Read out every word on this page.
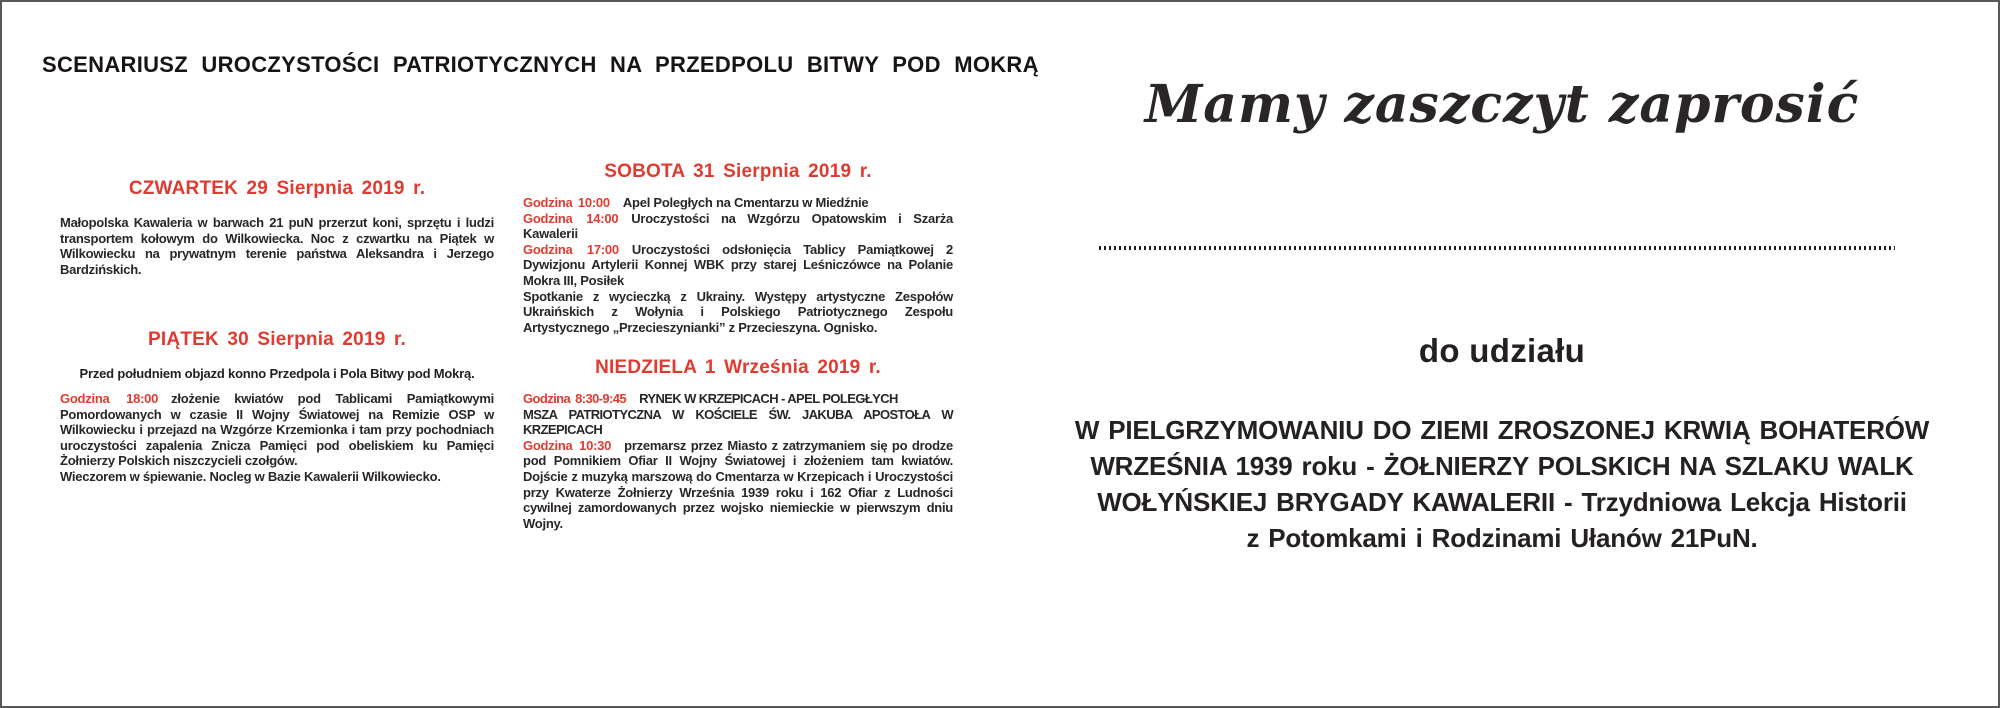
SCENARIUSZ UROCZYSTOŚCI PATRIOTYCZNYCH NA PRZEDPOLU BITWY POD MOKRĄ
CZWARTEK 29 Sierpnia 2019 r.

Małopolska Kawaleria w barwach 21 puN przerzut koni, sprzętu i ludzi transportem kołowym do Wilkowiecka. Noc z czwartku na Piątek w Wilkowiecku na prywatnym terenie państwa Aleksandra i Jerzego Bardzińskich.

PIĄTEK 30 Sierpnia 2019 r.

Przed południem objazd konno Przedpola i Pola Bitwy pod Mokrą.

Godzina 18:00 złożenie kwiatów pod Tablicami Pamiątkowymi Pomordowanych w czasie II Wojny Światowej na Remizie OSP w Wilkowiecku i przejazd na Wzgórze Krzemionka i tam przy pochodniach uroczystości zapalenia Znicza Pamięci pod obeliskiem ku Pamięci Żołnierzy Polskich niszczycieli czołgów.

Wieczorem w śpiewanie. Nocleg w Bazie Kawalerii Wilkowiecko.

SOBOTA 31 Sierpnia 2019 r.

Godzina 10:00 Apel Poległych na Cmentarzu w Miedźnie

Godzina 14:00 Uroczystości na Wzgórzu Opatowskim i Szarża Kawalerii

Godzina 17:00 Uroczystości odsłonięcia Tablicy Pamiątkowej 2 Dywizjonu Artylerii Konnej WBK przy starej Leśniczówce na Polanie Mokra III, Posiłek

Spotkanie z wycieczką z Ukrainy. Występy artystyczne Zespołów Ukraińskich z Wołynia i Polskiego Patriotycznego Zespołu Artystycznego „Przecieszynianki” z Przecieszyna. Ognisko.

NIEDZIELA 1 Września 2019 r.

Godzina 8:30-9:45 RYNEK W KRZEPICACH - APEL POLEGŁYCH

MSZA PATRIOTYCZNA W KOŚCIELE ŚW. JAKUBA APOSTOŁA W KRZEPICACH

Godzina 10:30 przemarsz przez Miasto z zatrzymaniem się po drodze pod Pomnikiem Ofiar II Wojny Światowej i złożeniem tam kwiatów. Dojście z muzyką marszową do Cmentarza w Krzepicach i Uroczystości przy Kwaterze Żołnierzy Września 1939 roku i 162 Ofiar z Ludności cywilnej zamordowanych przez wojsko niemieckie w pierwszym dniu Wojny.

Mamy zaszczyt zaprosić
do udziału
W PIELGRZYMOWANIU DO ZIEMI ZROSZONEJ KRWIĄ BOHATERÓW
WRZEŚNIA 1939 roku - ŻOŁNIERZY POLSKICH NA SZLAKU WALK
WOŁYŃSKIEJ BRYGADY KAWALERII - Trzydniowa Lekcja Historii
z Potomkami i Rodzinami Ułanów 21PuN.
